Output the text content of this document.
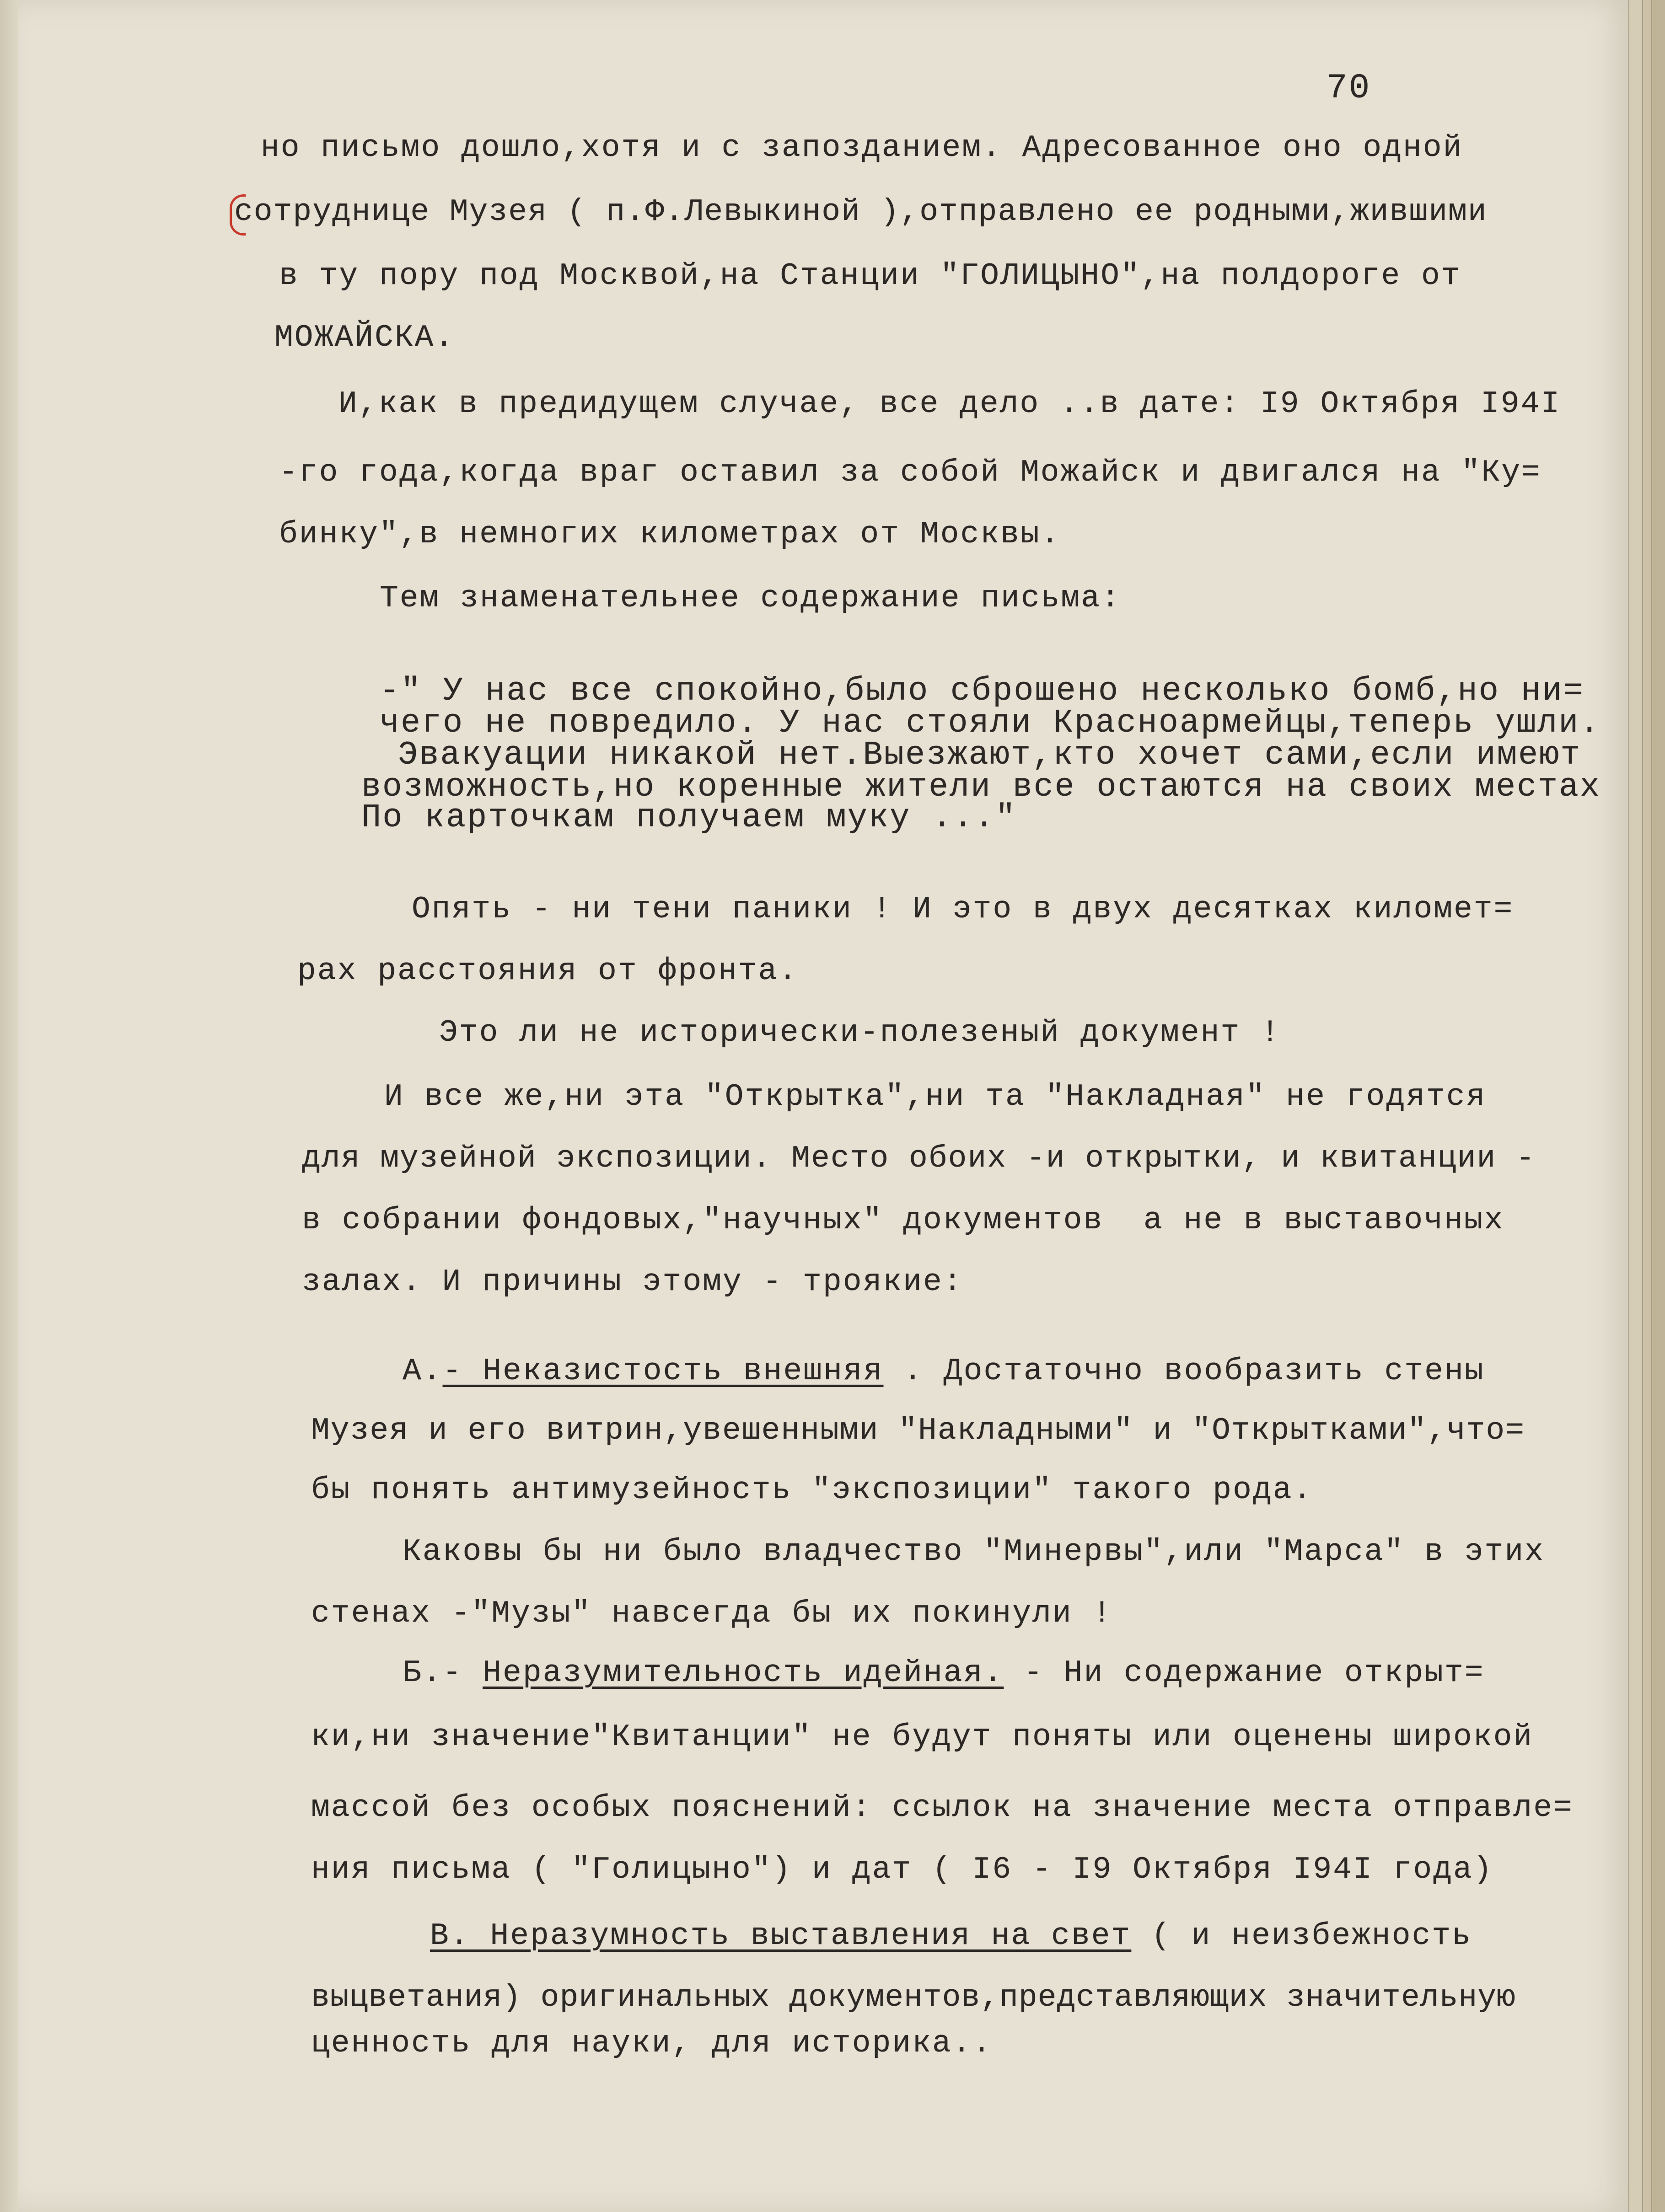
70
но письмо дошло,хотя и с запозданием. Адресованное оно одной
сотруднице Музея ( п.Ф.Левыкиной ),отправлено ее родными,жившими
в ту пору под Москвой,на Станции "ГОЛИЦЫНО",на полдороге от
МОЖАЙСКА.
И,как в предидущем случае, все дело ..в дате: I9 Октября I94I
-го года,когда враг оставил за собой Можайск и двигался на "Ку=
бинку",в немногих километрах от Москвы.
Тем знаменательнее содержание письма:
-" У нас все спокойно,было сброшено несколько бомб,но ни=
чего не повредило. У нас стояли Красноармейцы,теперь ушли.
Эвакуации никакой нет.Выезжают,кто хочет сами,если имеют
возможность,но коренные жители все остаются на своих местах
По карточкам получаем муку ..."
Опять - ни тени паники ! И это в двух десятках километ=
рах расстояния от фронта.
Это ли не исторически-полезеный документ !
И все же,ни эта "Открытка",ни та "Накладная" не годятся
для музейной экспозиции. Место обоих -и открытки, и квитанции -
в собрании фондовых,"научных" документов  а не в выставочных
залах. И причины этому - троякие:
А.- Неказистость внешняя . Достаточно вообразить стены
Музея и его витрин,увешенными "Накладными" и "Открытками",что=
бы понять антимузейность "экспозиции" такого рода.
Каковы бы ни было владчество "Минервы",или "Марса" в этих
стенах -"Музы" навсегда бы их покинули !
Б.- Неразумительность идейная. - Ни содержание открыт=
ки,ни значение"Квитанции" не будут поняты или оценены широкой
массой без особых пояснений: ссылок на значение места отправле=
ния письма ( "Голицыно") и дат ( I6 - I9 Октября I94I года)
В. Неразумность выставления на свет ( и неизбежность
выцветания) оригинальных документов,представляющих значительную
ценность для науки, для историка..
